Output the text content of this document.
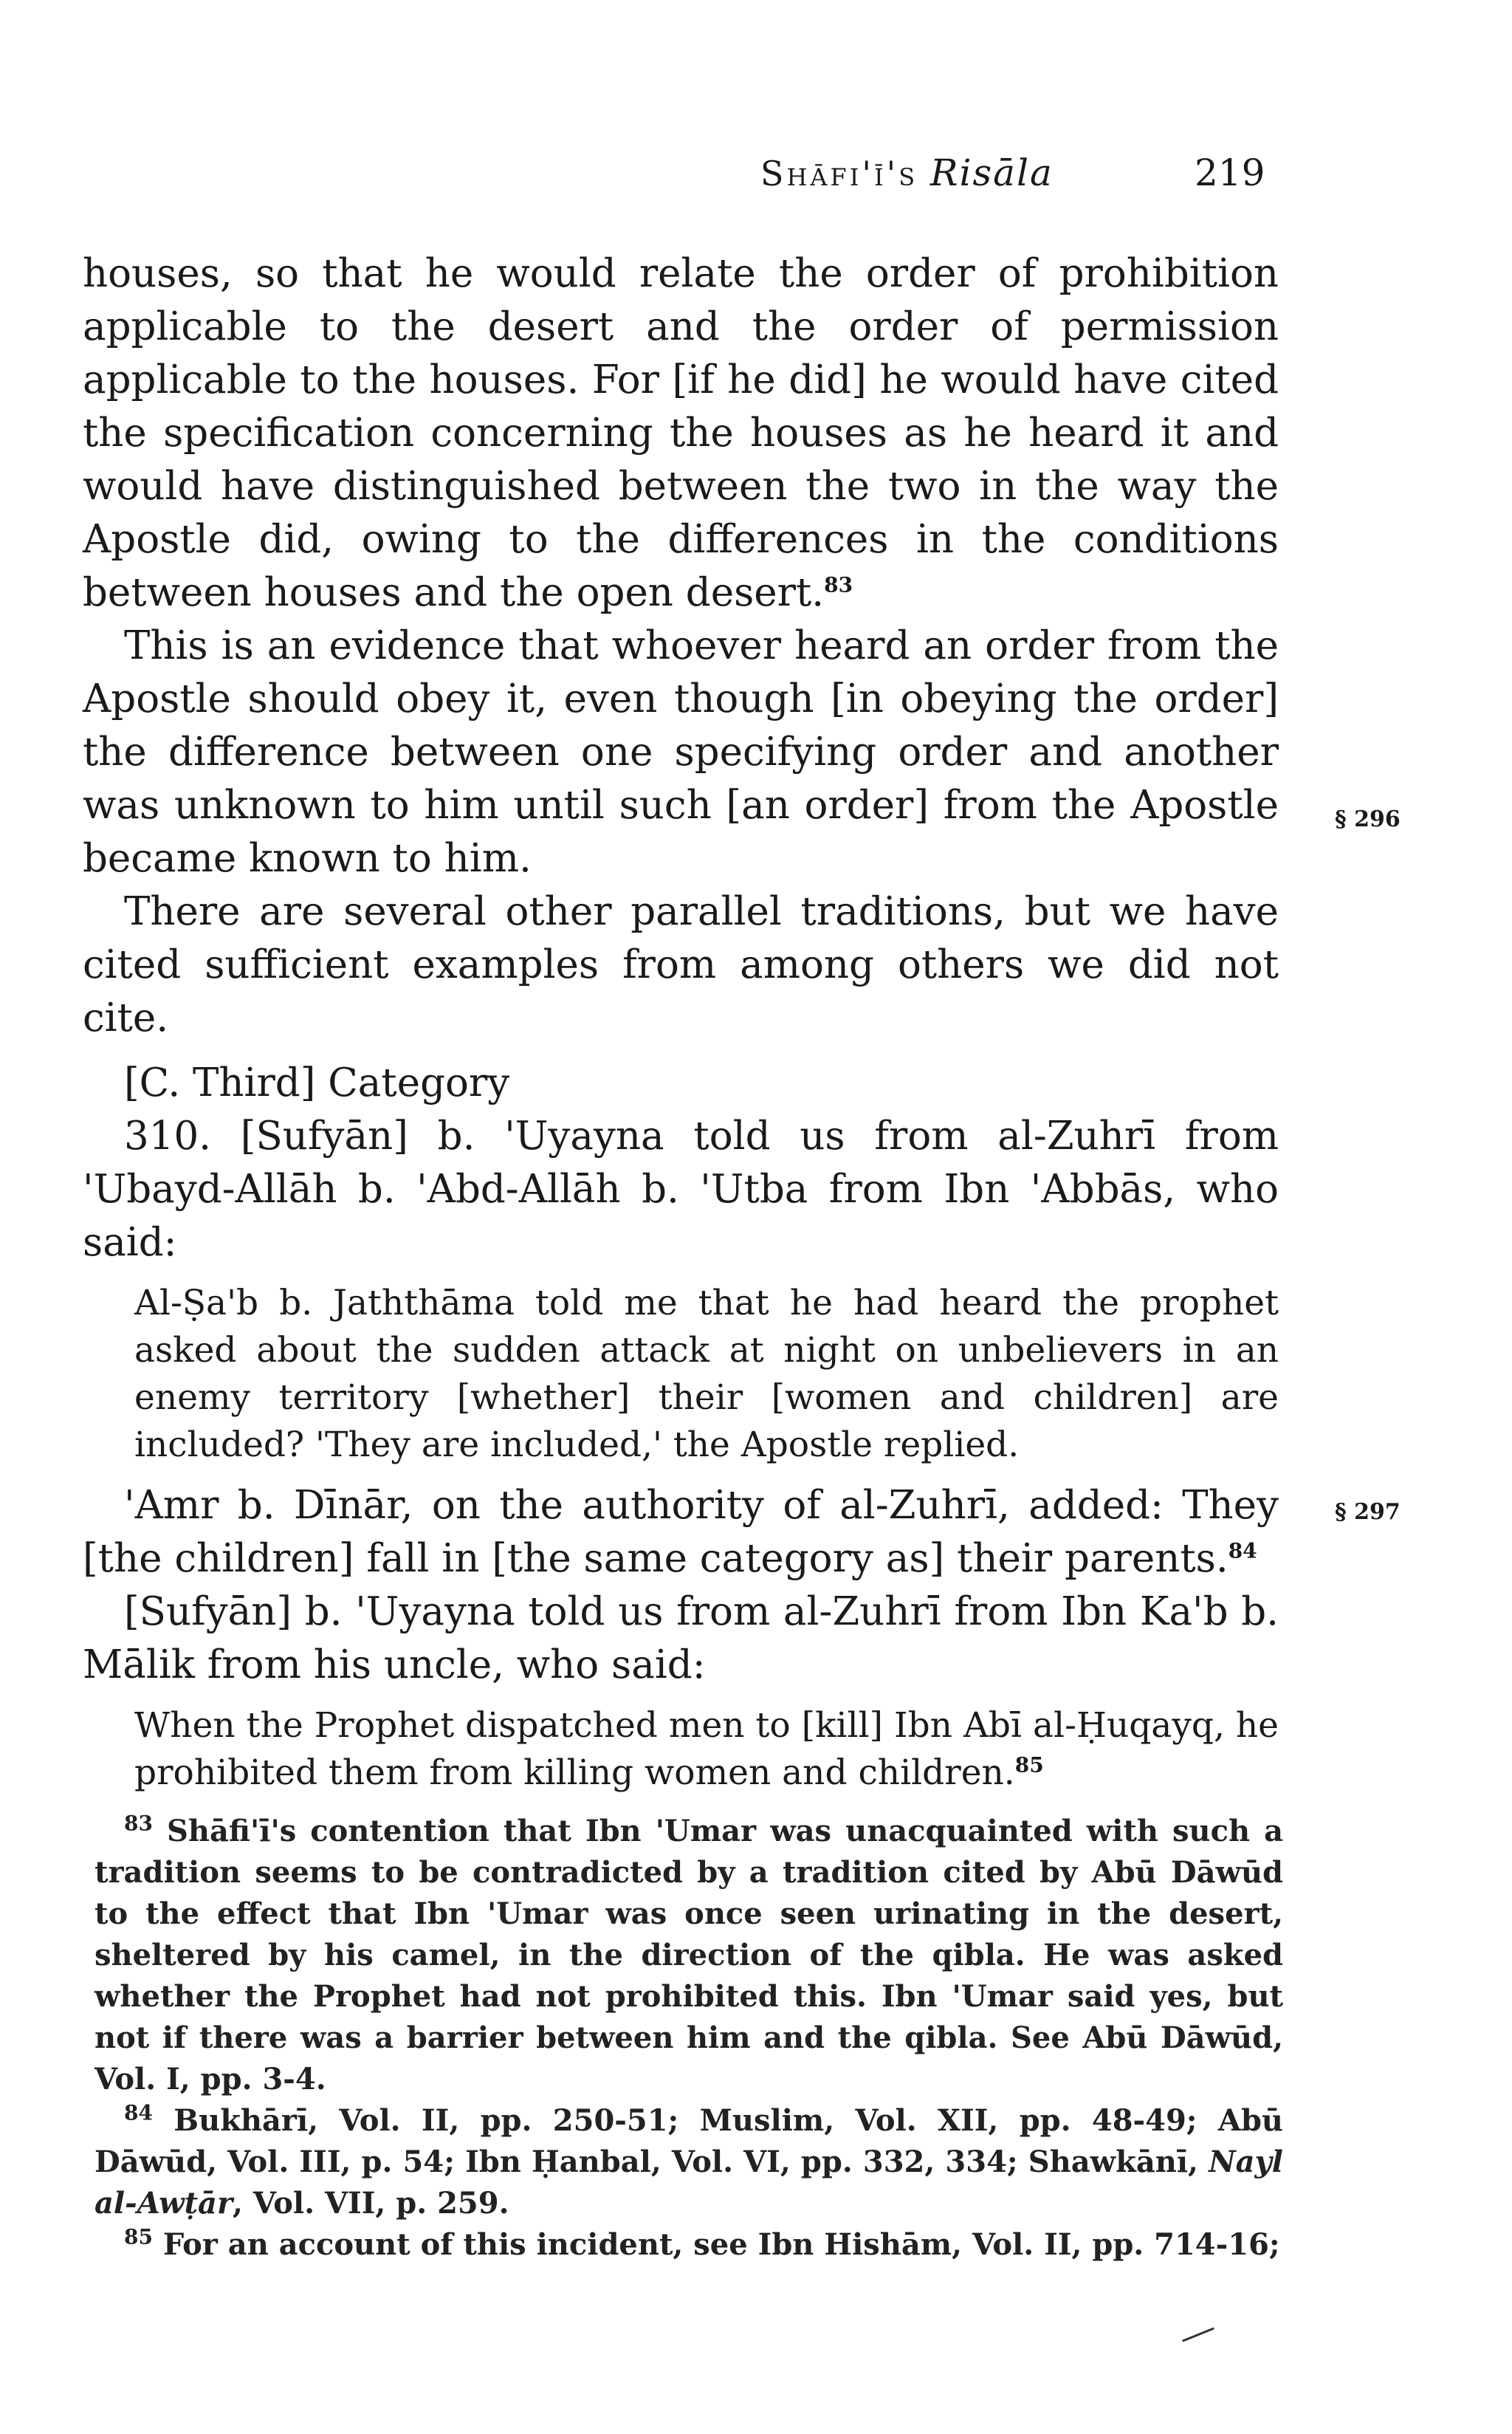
Shāfi'ī's Risāla	219

houses, so that he would relate the order of prohibition applicable to the desert and the order of permission applicable to the houses. For [if he did] he would have cited the specification concerning the houses as he heard it and would have distinguished between the two in the way the Apostle did, owing to the differences in the conditions between houses and the open desert.$^{83}$

This is an evidence that whoever heard an order from the Apostle should obey it, even though [in obeying the order] the difference between one specifying order and another was unknown to him until such [an order] from the Apostle became known to him.

There are several other parallel traditions, but we have cited sufficient examples from among others we did not cite.

[C. Third] Category

310. [Sufyān] b. 'Uyayna told us from al-Zuhrī from 'Ubayd-Allāh b. 'Abd-Allāh b. 'Utba from Ibn 'Abbās, who said:

Al-Ṣa'b b. Jaththāma told me that he had heard the prophet asked about the sudden attack at night on unbelievers in an enemy territory [whether] their [women and children] are included? 'They are included,' the Apostle replied.

'Amr b. Dīnār, on the authority of al-Zuhrī, added: They [the children] fall in [the same category as] their parents.$^{84}$

[Sufyān] b. 'Uyayna told us from al-Zuhrī from Ibn Ka'b b. Mālik from his uncle, who said:

When the Prophet dispatched men to [kill] Ibn Abī al-Ḥuqayq, he prohibited them from killing women and children.$^{85}$

§ 296
§ 297

$^{83}$ Shāfi'ī's contention that Ibn 'Umar was unacquainted with such a tradition seems to be contradicted by a tradition cited by Abū Dāwūd to the effect that Ibn 'Umar was once seen urinating in the desert, sheltered by his camel, in the direction of the qibla. He was asked whether the Prophet had not prohibited this. Ibn 'Umar said yes, but not if there was a barrier between him and the qibla. See Abū Dāwūd, Vol. I, pp. 3-4.

$^{84}$ Bukhārī, Vol. II, pp. 250-51; Muslim, Vol. XII, pp. 48-49; Abū Dāwūd, Vol. III, p. 54; Ibn Ḥanbal, Vol. VI, pp. 332, 334; Shawkānī, Nayl al-Awṭār, Vol. VII, p. 259.

$^{85}$ For an account of this incident, see Ibn Hishām, Vol. II, pp. 714-16;
